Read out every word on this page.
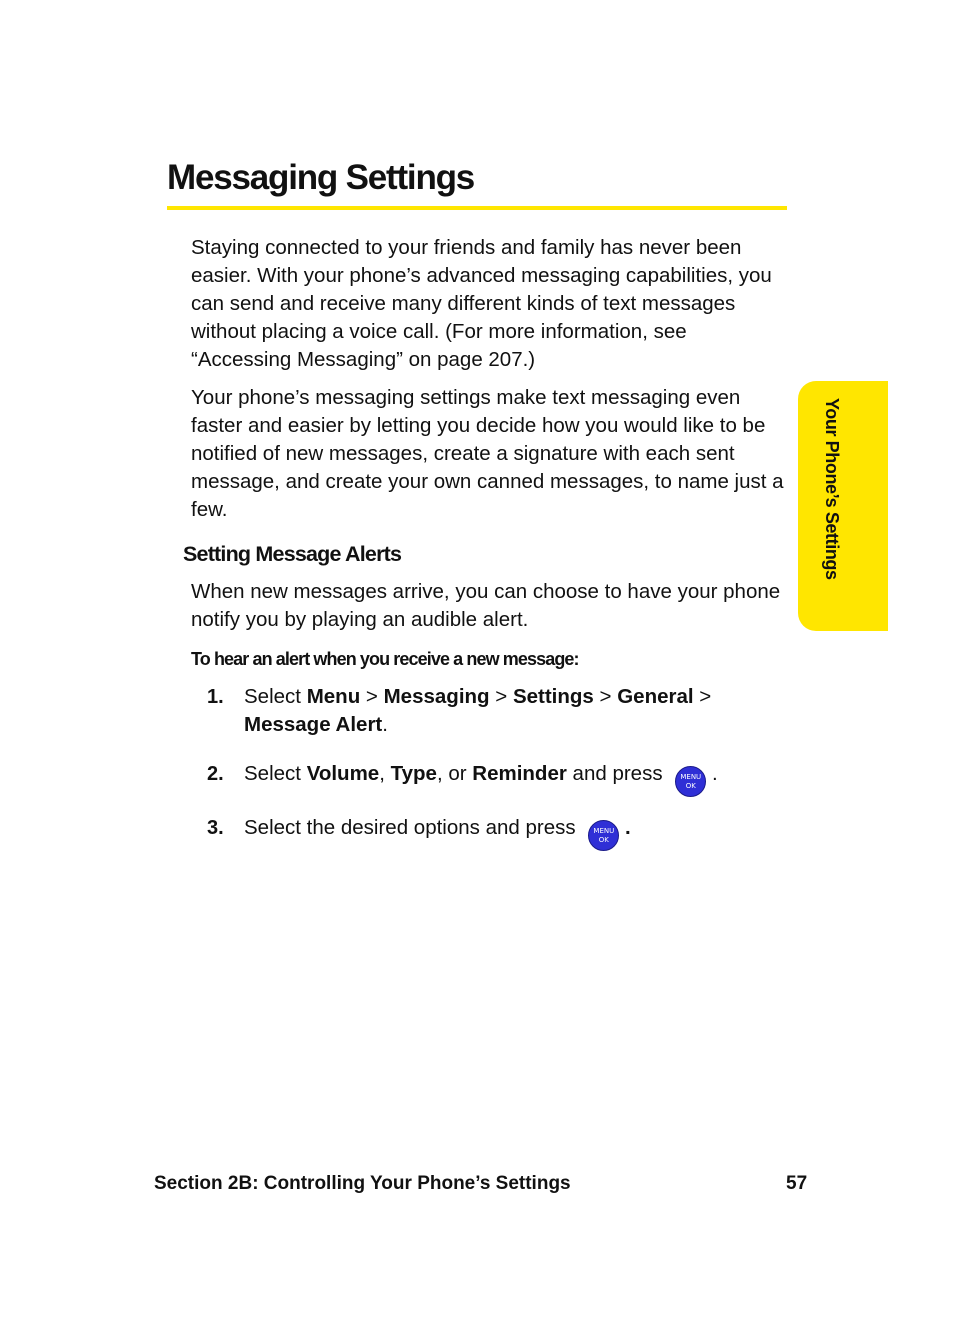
Messaging Settings

Staying connected to your friends and family has never been easier. With your phone’s advanced messaging capabilities, you can send and receive many different kinds of text messages without placing a voice call. (For more information, see “Accessing Messaging” on page 207.)

Your phone’s messaging settings make text messaging even faster and easier by letting you decide how you would like to be notified of new messages, create a signature with each sent message, and create your own canned messages, to name just a few.

Setting Message Alerts

When new messages arrive, you can choose to have your phone notify you by playing an audible alert.

To hear an alert when you receive a new message:

1. Select Menu > Messaging > Settings > General > Message Alert.
2. Select Volume, Type, or Reminder and press	MENU
OK .
3. Select the desired options and press	MENU
OK .
Your Phone’s Settings
Section 2B: Controlling Your Phone’s Settings	57
